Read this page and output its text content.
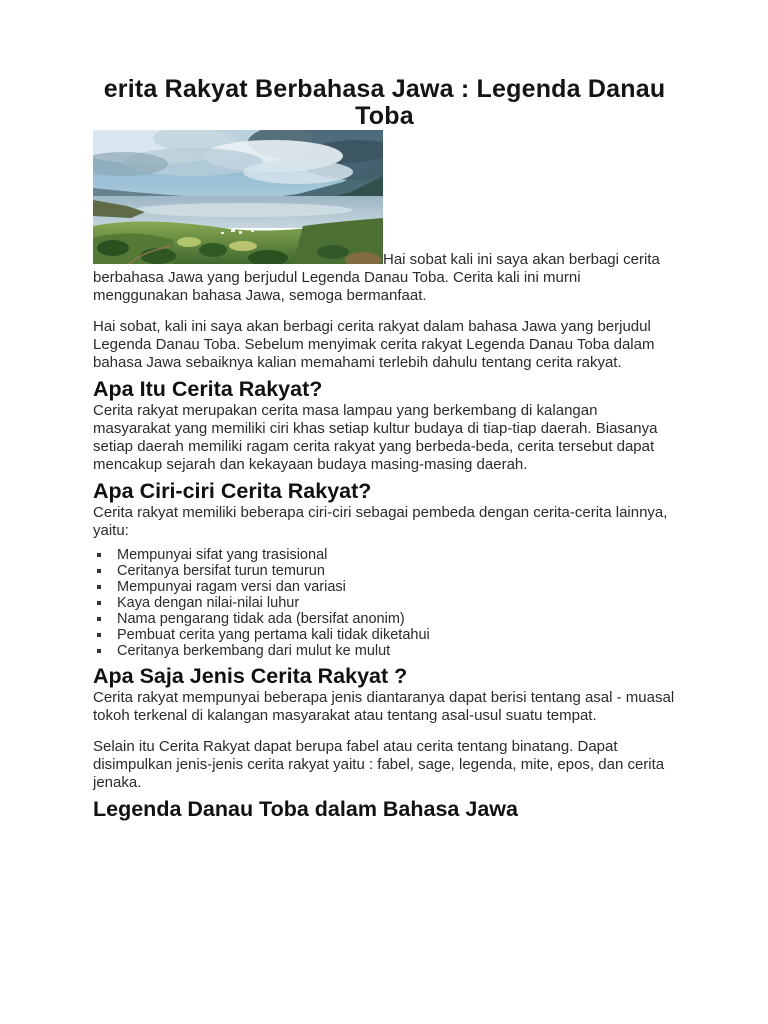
erita Rakyat Berbahasa Jawa : Legenda Danau Toba

Hai sobat kali ini saya akan berbagi cerita berbahasa Jawa yang berjudul Legenda Danau Toba. Cerita kali ini murni menggunakan bahasa Jawa, semoga bermanfaat.

Hai sobat, kali ini saya akan berbagi cerita rakyat dalam bahasa Jawa yang berjudul Legenda Danau Toba. Sebelum menyimak cerita rakyat Legenda Danau Toba dalam bahasa Jawa sebaiknya kalian memahami terlebih dahulu tentang cerita rakyat.

Apa Itu Cerita Rakyat?

Cerita rakyat merupakan cerita masa lampau yang berkembang di kalangan masyarakat yang memiliki ciri khas setiap kultur budaya di tiap-tiap daerah. Biasanya setiap daerah memiliki ragam cerita rakyat yang berbeda-beda, cerita tersebut dapat mencakup sejarah dan kekayaan budaya masing-masing daerah.

Apa Ciri-ciri Cerita Rakyat?

Cerita rakyat memiliki beberapa ciri-ciri sebagai pembeda dengan cerita-cerita lainnya, yaitu:

Mempunyai sifat yang trasisional
Ceritanya bersifat turun temurun
Mempunyai ragam versi dan variasi
Kaya dengan nilai-nilai luhur
Nama pengarang tidak ada (bersifat anonim)
Pembuat cerita yang pertama kali tidak diketahui
Ceritanya berkembang dari mulut ke mulut
Apa Saja Jenis Cerita Rakyat ?

Cerita rakyat mempunyai beberapa jenis diantaranya dapat berisi tentang asal - muasal tokoh terkenal di kalangan masyarakat atau tentang asal-usul suatu tempat.

Selain itu Cerita Rakyat dapat berupa fabel atau cerita tentang binatang. Dapat disimpulkan jenis-jenis cerita rakyat yaitu : fabel, sage, legenda, mite, epos, dan cerita jenaka.

Legenda Danau Toba dalam Bahasa Jawa
